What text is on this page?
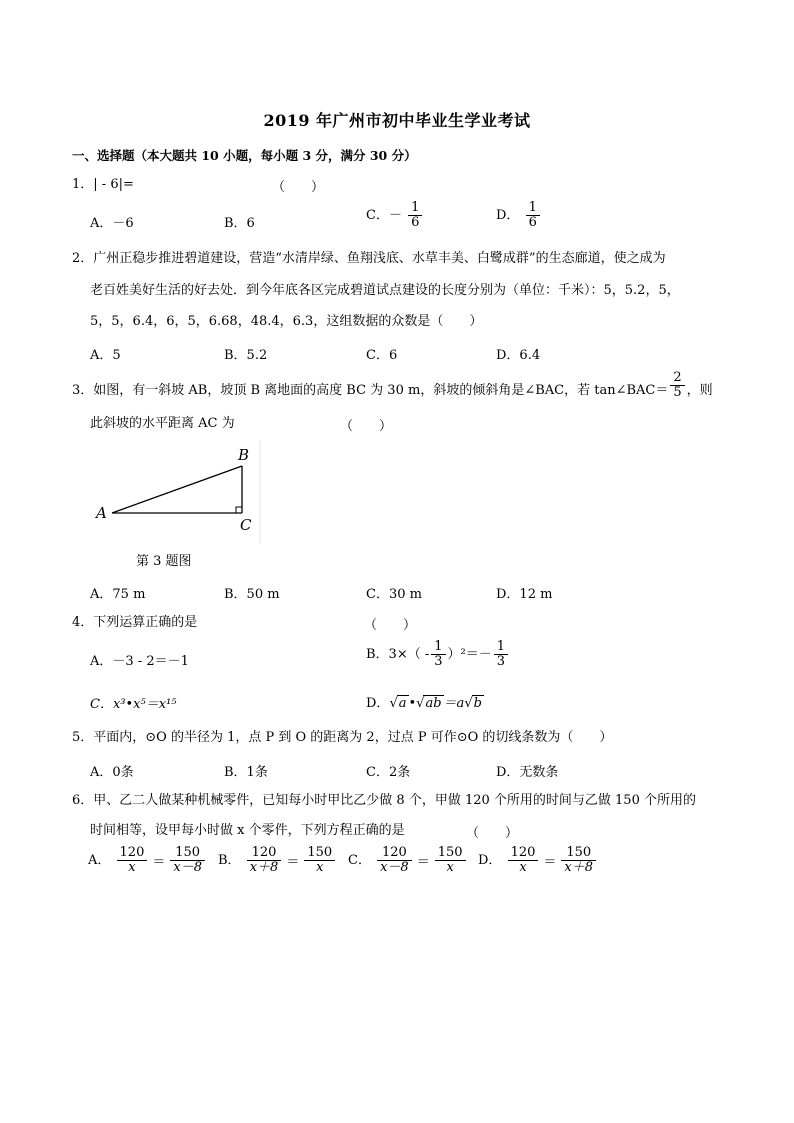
2019 年广州市初中毕业生学业考试
一、选择题（本大题共 10 小题，每小题 3 分，满分 30 分）
1．| - 6|=	（　　）
A．－6	B．6
C．－ $\frac{1}{6}$	D． $\frac{1}{6}$
2．广州正稳步推进碧道建设，营造“水清岸绿、鱼翔浅底、水草丰美、白鹭成群”的生态廊道，使之成为
老百姓美好生活的好去处．到今年底各区完成碧道试点建设的长度分别为（单位：千米）：5，5.2，5，
5，5，6.4，6，5，6.68，48.4，6.3，这组数据的众数是（　　）
A．5	B．5.2	C．6	D．6.4
3．如图，有一斜坡 AB，坡顶 B 离地面的高度 BC 为 30 m，斜坡的倾斜角是∠BAC，若 tan∠BAC＝ $\frac{2}{5}$ ，则
此斜坡的水平距离 AC 为	（　　）
A
B
C
第 3 题图
A．75 m	B．50 m	C．30 m	D．12 m
4．下列运算正确的是	（　　）
A．－3 - 2＝－1	B．$3\times( - \frac{1}{3} )^2=- \frac{1}{3}$
C．x³•x⁵＝x¹⁵	D．√a •√ab ＝a√b
5．平面内，⊙O 的半径为 1，点 P 到 O 的距离为 2，过点 P 可作⊙O 的切线条数为（　　）
A．0条	B．1条	C．2条	D．无数条
6．甲、乙二人做某种机械零件，已知每小时甲比乙少做 8 个，甲做 120 个所用的时间与乙做 150 个所用的
时间相等，设甲每小时做 x 个零件，下列方程正确的是	（　　）
A． $\frac{120}{x} = \frac{150}{x-8}$ B． $\frac{120}{x+8} = \frac{150}{x}$ C． $\frac{120}{x-8} = \frac{150}{x}$ D． $\frac{120}{x} = \frac{150}{x+8}$
